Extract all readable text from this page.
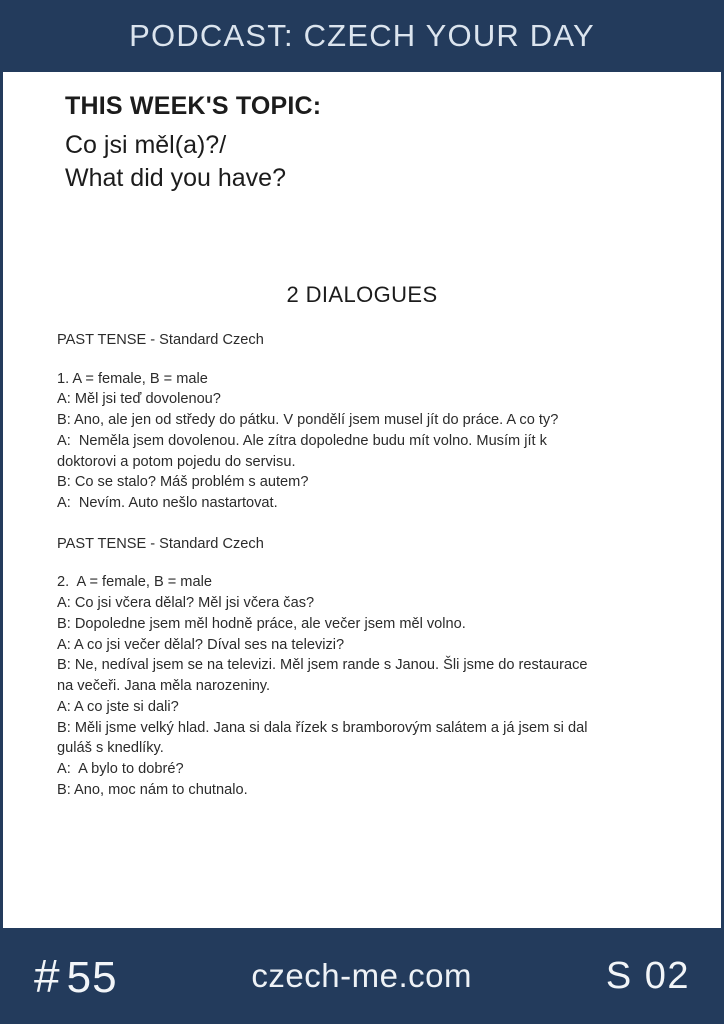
PODCAST: CZECH YOUR DAY
THIS WEEK'S TOPIC:
Co jsi měl(a)?/
What did you have?
2 DIALOGUES
PAST TENSE - Standard Czech
1. A = female, B = male
A: Měl jsi teď dovolenou?
B: Ano, ale jen od středy do pátku. V pondělí jsem musel jít do práce. A co ty?
A:  Neměla jsem dovolenou. Ale zítra dopoledne budu mít volno. Musím jít k
doktorovi a potom pojedu do servisu.
B: Co se stalo? Máš problém s autem?
A:  Nevím. Auto nešlo nastartovat.
PAST TENSE - Standard Czech
2.  A = female, B = male
A: Co jsi včera dělal? Měl jsi včera čas?
B: Dopoledne jsem měl hodně práce, ale večer jsem měl volno.
A: A co jsi večer dělal? Díval ses na televizi?
B: Ne, nedíval jsem se na televizi. Měl jsem rande s Janou. Šli jsme do restaurace
na večeři. Jana měla narozeniny.
A: A co jste si dali?
B: Měli jsme velký hlad. Jana si dala řízek s bramborovým salátem a já jsem si dal
guláš s knedlíky.
A:  A bylo to dobré?
B: Ano, moc nám to chutnalo.
# 55	czech-me.com	S 02
